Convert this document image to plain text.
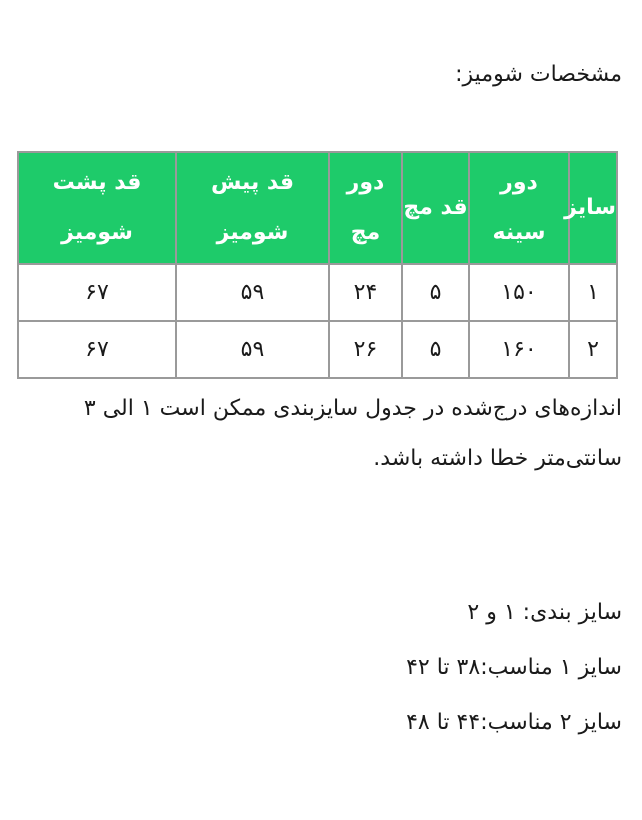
مشخصات شومیز:

سایز	دور سینه	قد مچ	دور مچ	قد پیش شومیز	قد پشت شومیز
۱	۱۵۰	۵	۲۴	۵۹	۶۷
۲	۱۶۰	۵	۲۶	۵۹	۶۷

اندازه‌های درج‌شده در جدول سایزبندی ممکن است ۱ الی ۳ سانتی‌متر خطا داشته باشد.

سایز بندی: ۱ و ۲
سایز ۱ مناسب:۳۸ تا ۴۲
سایز ۲ مناسب:۴۴ تا ۴۸
